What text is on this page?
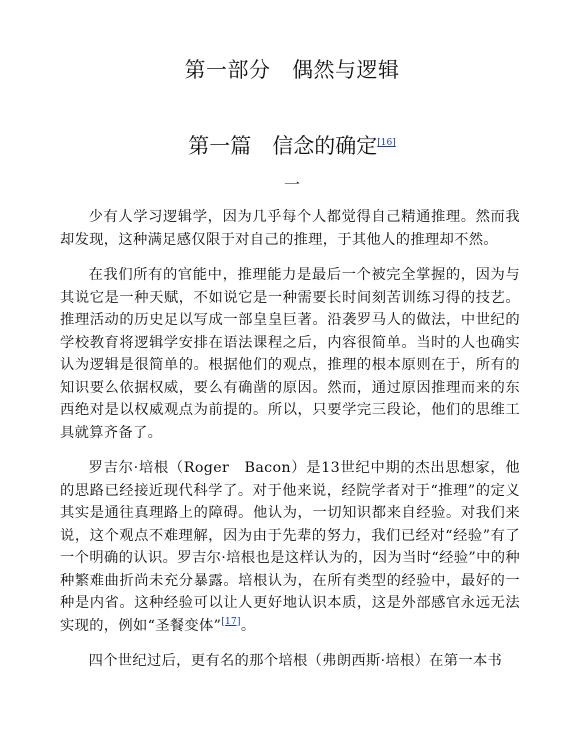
第一部分　偶然与逻辑
第一篇　信念的确定[16]
一

少有人学习逻辑学，因为几乎每个人都觉得自己精通推理。然而我却发现，这种满足感仅限于对自己的推理，于其他人的推理却不然。

在我们所有的官能中，推理能力是最后一个被完全掌握的，因为与其说它是一种天赋，不如说它是一种需要长时间刻苦训练习得的技艺。推理活动的历史足以写成一部皇皇巨著。沿袭罗马人的做法，中世纪的学校教育将逻辑学安排在语法课程之后，内容很简单。当时的人也确实认为逻辑是很简单的。根据他们的观点，推理的根本原则在于，所有的知识要么依据权威，要么有确凿的原因。然而，通过原因推理而来的东西绝对是以权威观点为前提的。所以，只要学完三段论，他们的思维工具就算齐备了。

罗吉尔·培根（Roger　Bacon）是13世纪中期的杰出思想家，他的思路已经接近现代科学了。对于他来说，经院学者对于“推理”的定义其实是通往真理路上的障碍。他认为，一切知识都来自经验。对我们来说，这个观点不难理解，因为由于先辈的努力，我们已经对“经验”有了一个明确的认识。罗吉尔·培根也是这样认为的，因为当时“经验”中的种种繁难曲折尚未充分暴露。培根认为，在所有类型的经验中，最好的一种是内省。这种经验可以让人更好地认识本质，这是外部感官永远无法实现的，例如“圣餐变体”[17]。

四个世纪过后，更有名的那个培根（弗朗西斯·培根）在第一本书
